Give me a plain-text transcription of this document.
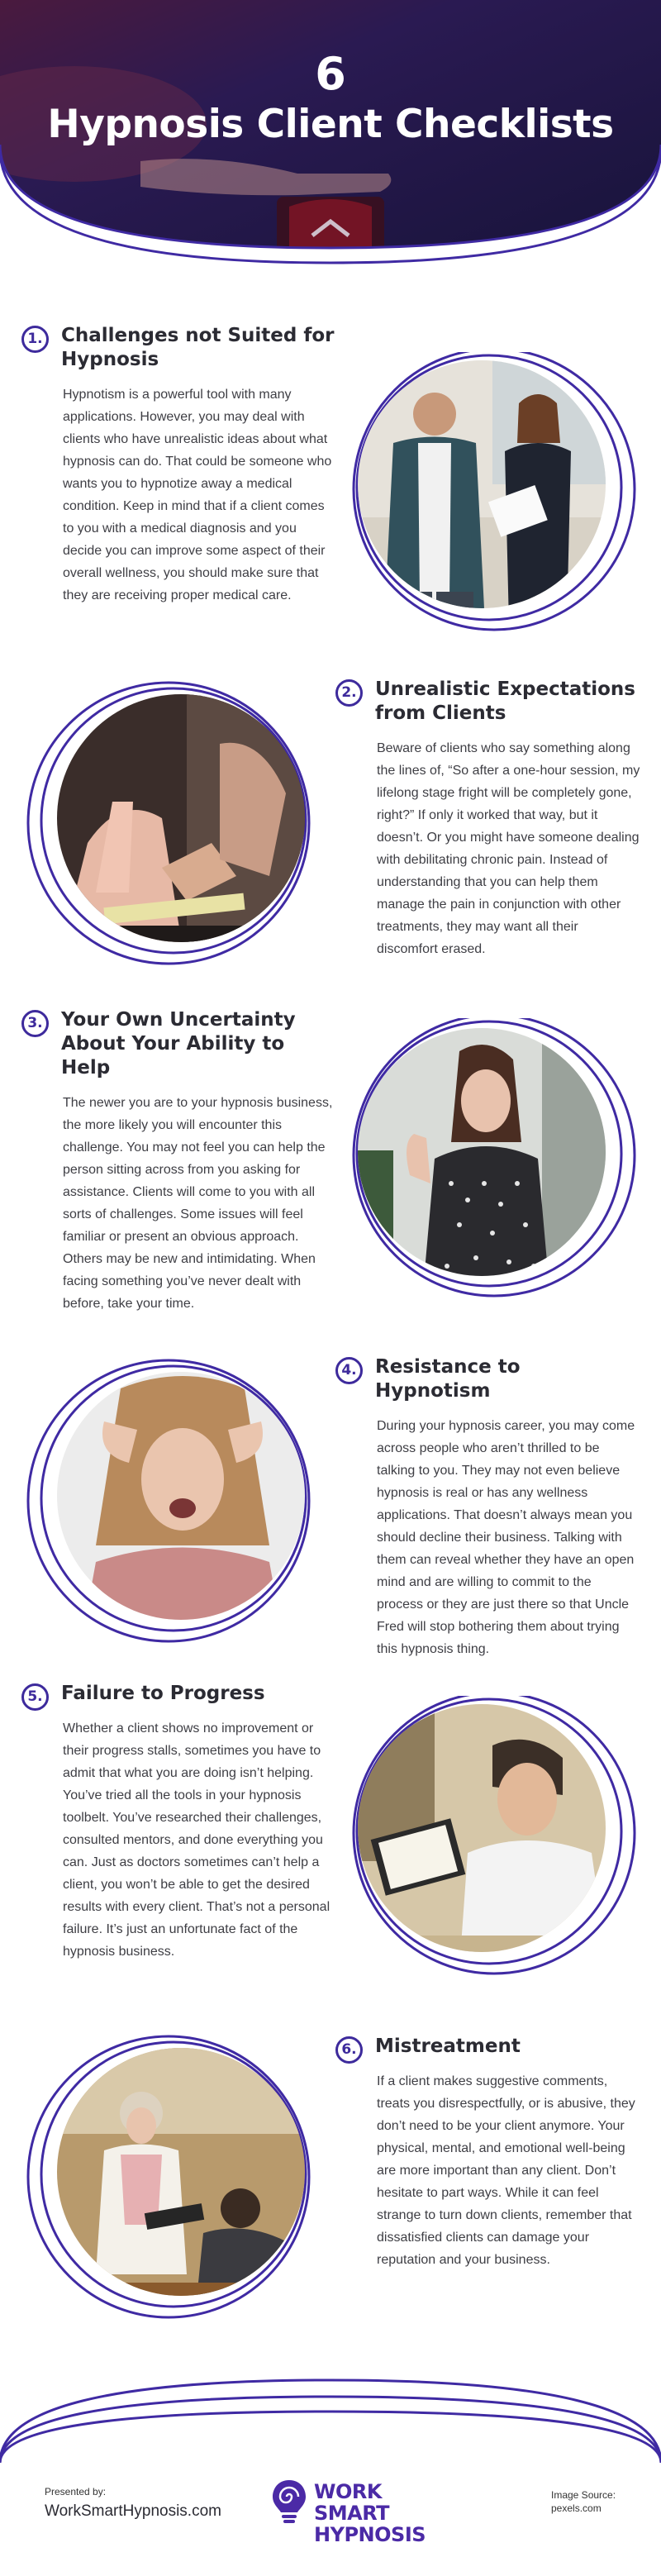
6
Hypnosis Client Checklists
1. Challenges not Suited for Hypnosis
Hypnotism is a powerful tool with many applications. However, you may deal with clients who have unrealistic ideas about what hypnosis can do. That could be someone who wants you to hypnotize away a medical condition. Keep in mind that if a client comes to you with a medical diagnosis and you decide you can improve some aspect of their overall wellness, you should make sure that they are receiving proper medical care.
2. Unrealistic Expectations from Clients
Beware of clients who say something along the lines of, “So after a one-hour session, my lifelong stage fright will be completely gone, right?” If only it worked that way, but it doesn’t. Or you might have someone dealing with debilitating chronic pain. Instead of understanding that you can help them manage the pain in conjunction with other treatments, they may want all their discomfort erased.
3. Your Own Uncertainty About Your Ability to Help
The newer you are to your hypnosis business, the more likely you will encounter this challenge. You may not feel you can help the person sitting across from you asking for assistance. Clients will come to you with all sorts of challenges. Some issues will feel familiar or present an obvious approach. Others may be new and intimidating. When facing something you’ve never dealt with before, take your time.
4. Resistance to Hypnotism
During your hypnosis career, you may come across people who aren’t thrilled to be talking to you. They may not even believe hypnosis is real or has any wellness applications. That doesn’t always mean you should decline their business. Talking with them can reveal whether they have an open mind and are willing to commit to the process or they are just there so that Uncle Fred will stop bothering them about trying this hypnosis thing.
5. Failure to Progress
Whether a client shows no improvement or their progress stalls, sometimes you have to admit that what you are doing isn’t helping. You’ve tried all the tools in your hypnosis toolbelt. You’ve researched their challenges, consulted mentors, and done everything you can. Just as doctors sometimes can’t help a client, you won’t be able to get the desired results with every client. That’s not a personal failure. It’s just an unfortunate fact of the hypnosis business.
6. Mistreatment
If a client makes suggestive comments, treats you disrespectfully, or is abusive, they don’t need to be your client anymore. Your physical, mental, and emotional well-being are more important than any client. Don’t hesitate to part ways. While it can feel strange to turn down clients, remember that dissatisfied clients can damage your reputation and your business.
Presented by:
WorkSmartHypnosis.com
WORK SMART
HYPNOSIS
Image Source:
pexels.com
